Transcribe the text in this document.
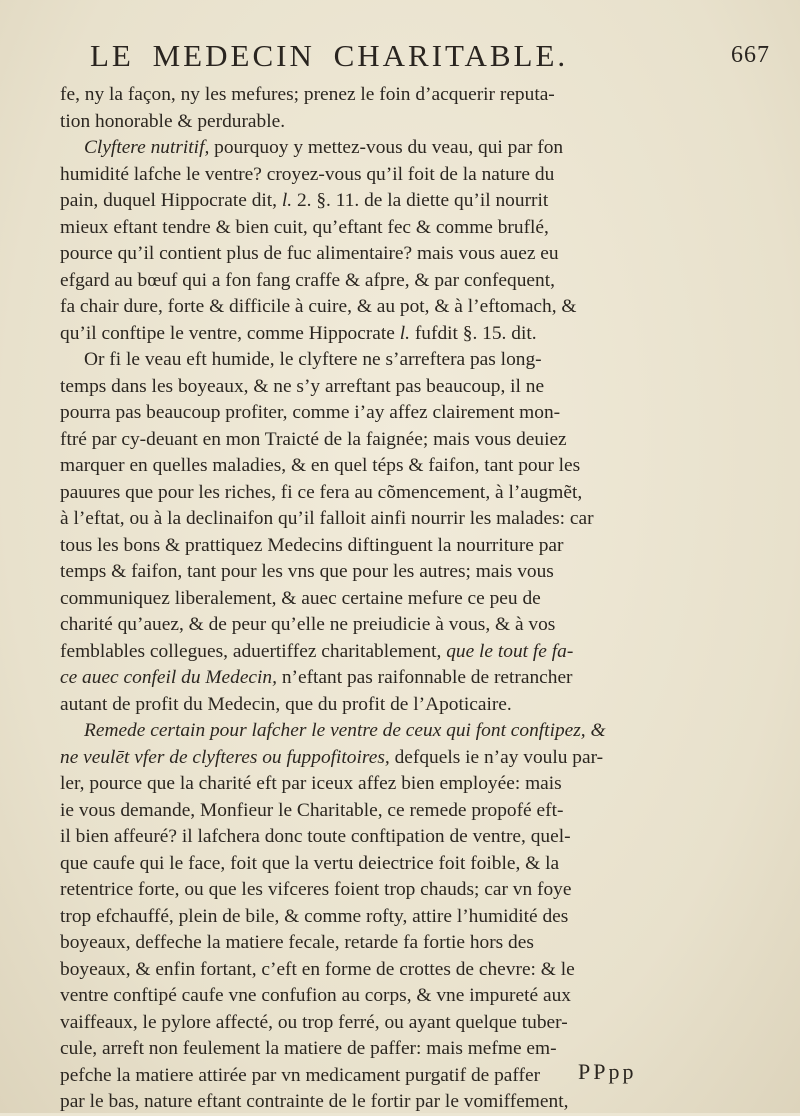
LE MEDECIN CHARITABLE.	667
fe, ny la façon, ny les mefures; prenez le foin d’acquerir reputa-
tion honorable & perdurable.
Clyftere nutritif, pourquoy y mettez-vous du veau, qui par fon
humidité lafche le ventre? croyez-vous qu’il foit de la nature du
pain, duquel Hippocrate dit, l. 2. §. 11. de la diette qu’il nourrit
mieux eftant tendre & bien cuit, qu’eftant fec & comme bruflé,
pource qu’il contient plus de fuc alimentaire? mais vous auez eu
efgard au bœuf qui a fon fang craffe & afpre, & par confequent,
fa chair dure, forte & difficile à cuire, & au pot, & à l’eftomach, &
qu’il conftipe le ventre, comme Hippocrate l. fufdit §. 15. dit.
Or fi le veau eft humide, le clyftere ne s’arreftera pas long-
temps dans les boyeaux, & ne s’y arreftant pas beaucoup, il ne
pourra pas beaucoup profiter, comme i’ay affez clairement mon-
ftré par cy-deuant en mon Traicté de la faignée; mais vous deuiez
marquer en quelles maladies, & en quel téps & faifon, tant pour les
pauures que pour les riches, fi ce fera au cõmencement, à l’augmẽt,
à l’eftat, ou à la declinaifon qu’il falloit ainfi nourrir les malades: car
tous les bons & prattiquez Medecins diftinguent la nourriture par
temps & faifon, tant pour les vns que pour les autres; mais vous
communiquez liberalement, & auec certaine mefure ce peu de
charité qu’auez, & de peur qu’elle ne preiudicie à vous, & à vos
femblables collegues, aduertiffez charitablement, que le tout fe fa-
ce auec confeil du Medecin, n’eftant pas raifonnable de retrancher
autant de profit du Medecin, que du profit de l’Apoticaire.
Remede certain pour lafcher le ventre de ceux qui font conftipez, &
ne veulēt vfer de clyfteres ou fuppofitoires, defquels ie n’ay voulu par-
ler, pource que la charité eft par iceux affez bien employée: mais
ie vous demande, Monfieur le Charitable, ce remede propofé eft-
il bien affeuré? il lafchera donc toute conftipation de ventre, quel-
que caufe qui le face, foit que la vertu deiectrice foit foible, & la
retentrice forte, ou que les vifceres foient trop chauds; car vn foye
trop efchauffé, plein de bile, & comme rofty, attire l’humidité des
boyeaux, deffeche la matiere fecale, retarde fa fortie hors des
boyeaux, & enfin fortant, c’eft en forme de crottes de chevre: & le
ventre conftipé caufe vne confufion au corps, & vne impureté aux
vaiffeaux, le pylore affecté, ou trop ferré, ou ayant quelque tuber-
cule, arreft non feulement la matiere de paffer: mais mefme em-
pefche la matiere attirée par vn medicament purgatif de paffer
par le bas, nature eftant contrainte de le fortir par le vomiffement,
PPpp
